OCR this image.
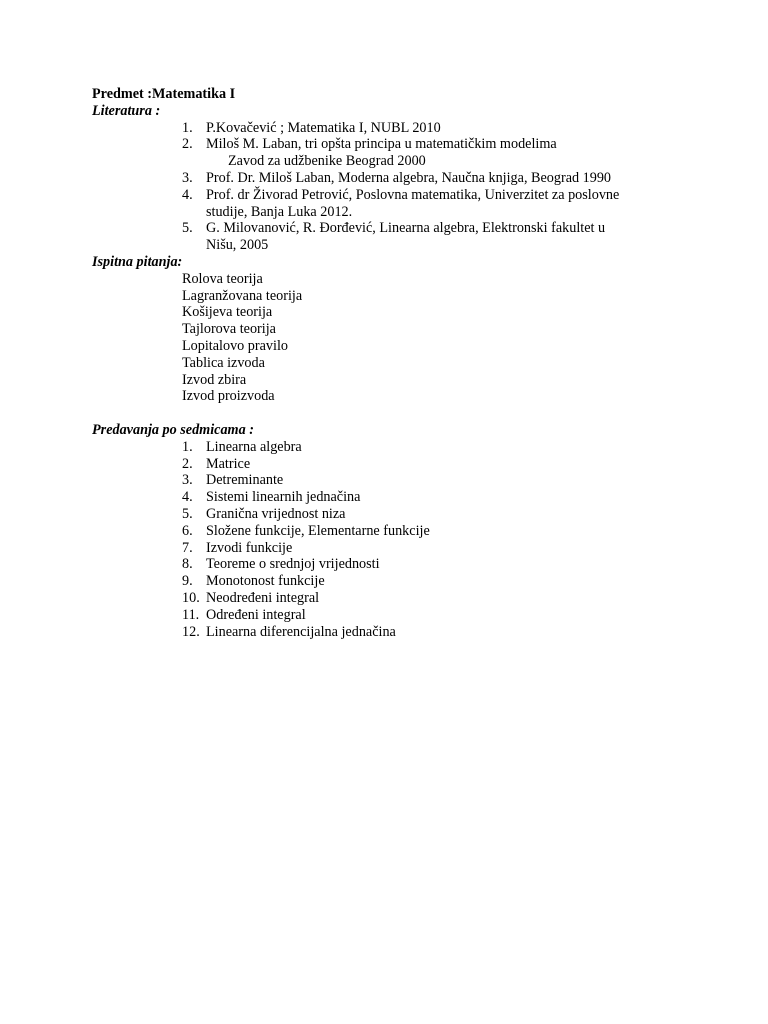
Predmet :Matematika I
Literatura :
1. P.Kovačević ; Matematika I, NUBL 2010
2. Miloš M. Laban, tri opšta principa u matematičkim modelima
Zavod za udžbenike Beograd 2000
3. Prof. Dr. Miloš Laban, Moderna algebra, Naučna knjiga, Beograd 1990
4. Prof. dr Živorad Petrović, Poslovna matematika, Univerzitet za poslovne
studije, Banja Luka 2012.
5. G. Milovanović, R. Đorđević, Linearna algebra, Elektronski fakultet u
Nišu, 2005
Ispitna pitanja:
Rolova teorija
Lagranžovana teorija
Košijeva teorija
Tajlorova teorija
Lopitalovo pravilo
Tablica izvoda
Izvod zbira
Izvod proizvoda
Predavanja po sedmicama :
1. Linearna algebra
2. Matrice
3. Detreminante
4. Sistemi linearnih jednačina
5. Granična vrijednost niza
6. Složene funkcije, Elementarne funkcije
7. Izvodi funkcije
8. Teoreme o srednjoj vrijednosti
9. Monotonost funkcije
10. Neodređeni integral
11. Određeni integral
12. Linearna diferencijalna jednačina
